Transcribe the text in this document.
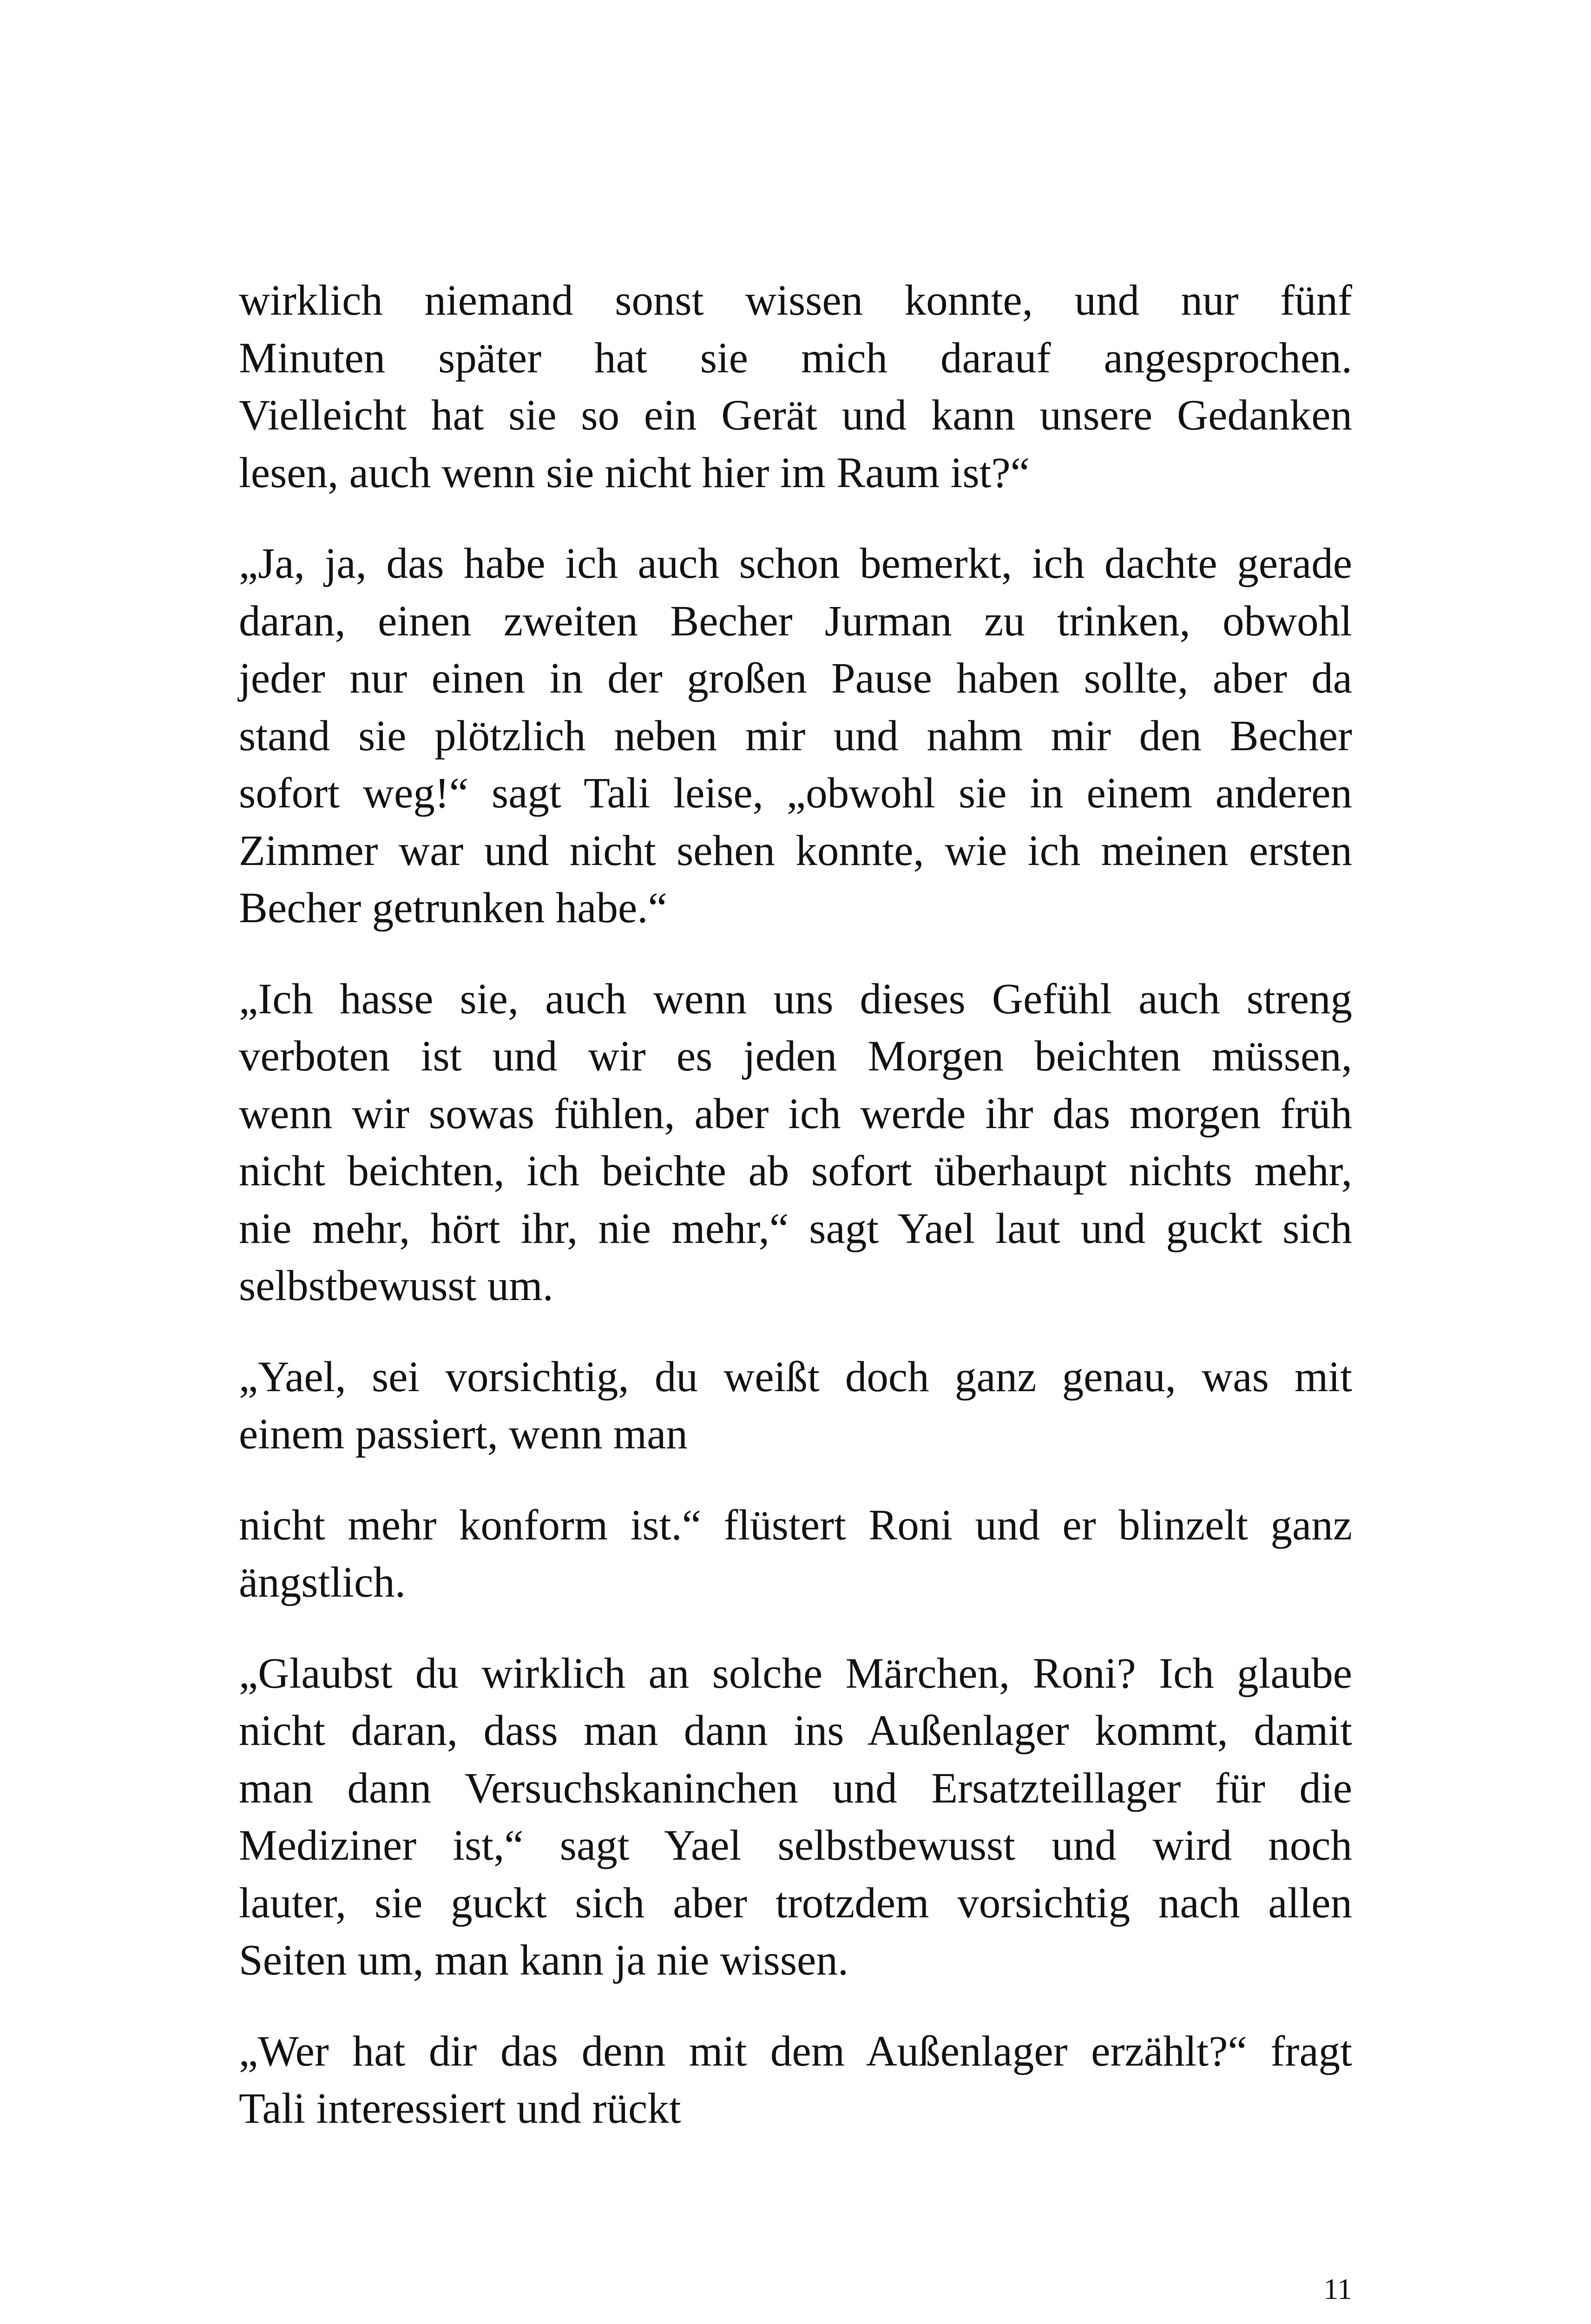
wirklich niemand sonst wissen konnte, und nur fünf
Minuten später hat sie mich darauf angesprochen.
Vielleicht hat sie so ein Gerät und kann unsere Gedanken
lesen, auch wenn sie nicht hier im Raum ist?“

„Ja, ja, das habe ich auch schon bemerkt, ich dachte gerade
daran, einen zweiten Becher Jurman zu trinken, obwohl
jeder nur einen in der großen Pause haben sollte, aber da
stand sie plötzlich neben mir und nahm mir den Becher
sofort weg!“ sagt Tali leise, „obwohl sie in einem anderen
Zimmer war und nicht sehen konnte, wie ich meinen ersten
Becher getrunken habe.“

„Ich hasse sie, auch wenn uns dieses Gefühl auch streng
verboten ist und wir es jeden Morgen beichten müssen,
wenn wir sowas fühlen, aber ich werde ihr das morgen früh
nicht beichten, ich beichte ab sofort überhaupt nichts mehr,
nie mehr, hört ihr, nie mehr,“ sagt Yael laut und guckt sich
selbstbewusst um.

„Yael, sei vorsichtig, du weißt doch ganz genau, was mit
einem passiert, wenn man

nicht mehr konform ist.“ flüstert Roni und er blinzelt ganz
ängstlich.

„Glaubst du wirklich an solche Märchen, Roni? Ich glaube
nicht daran, dass man dann ins Außenlager kommt, damit
man dann Versuchskaninchen und Ersatzteillager für die
Mediziner ist,“ sagt Yael selbstbewusst und wird noch
lauter, sie guckt sich aber trotzdem vorsichtig nach allen
Seiten um, man kann ja nie wissen.

„Wer hat dir das denn mit dem Außenlager erzählt?“ fragt
Tali interessiert und rückt

11
